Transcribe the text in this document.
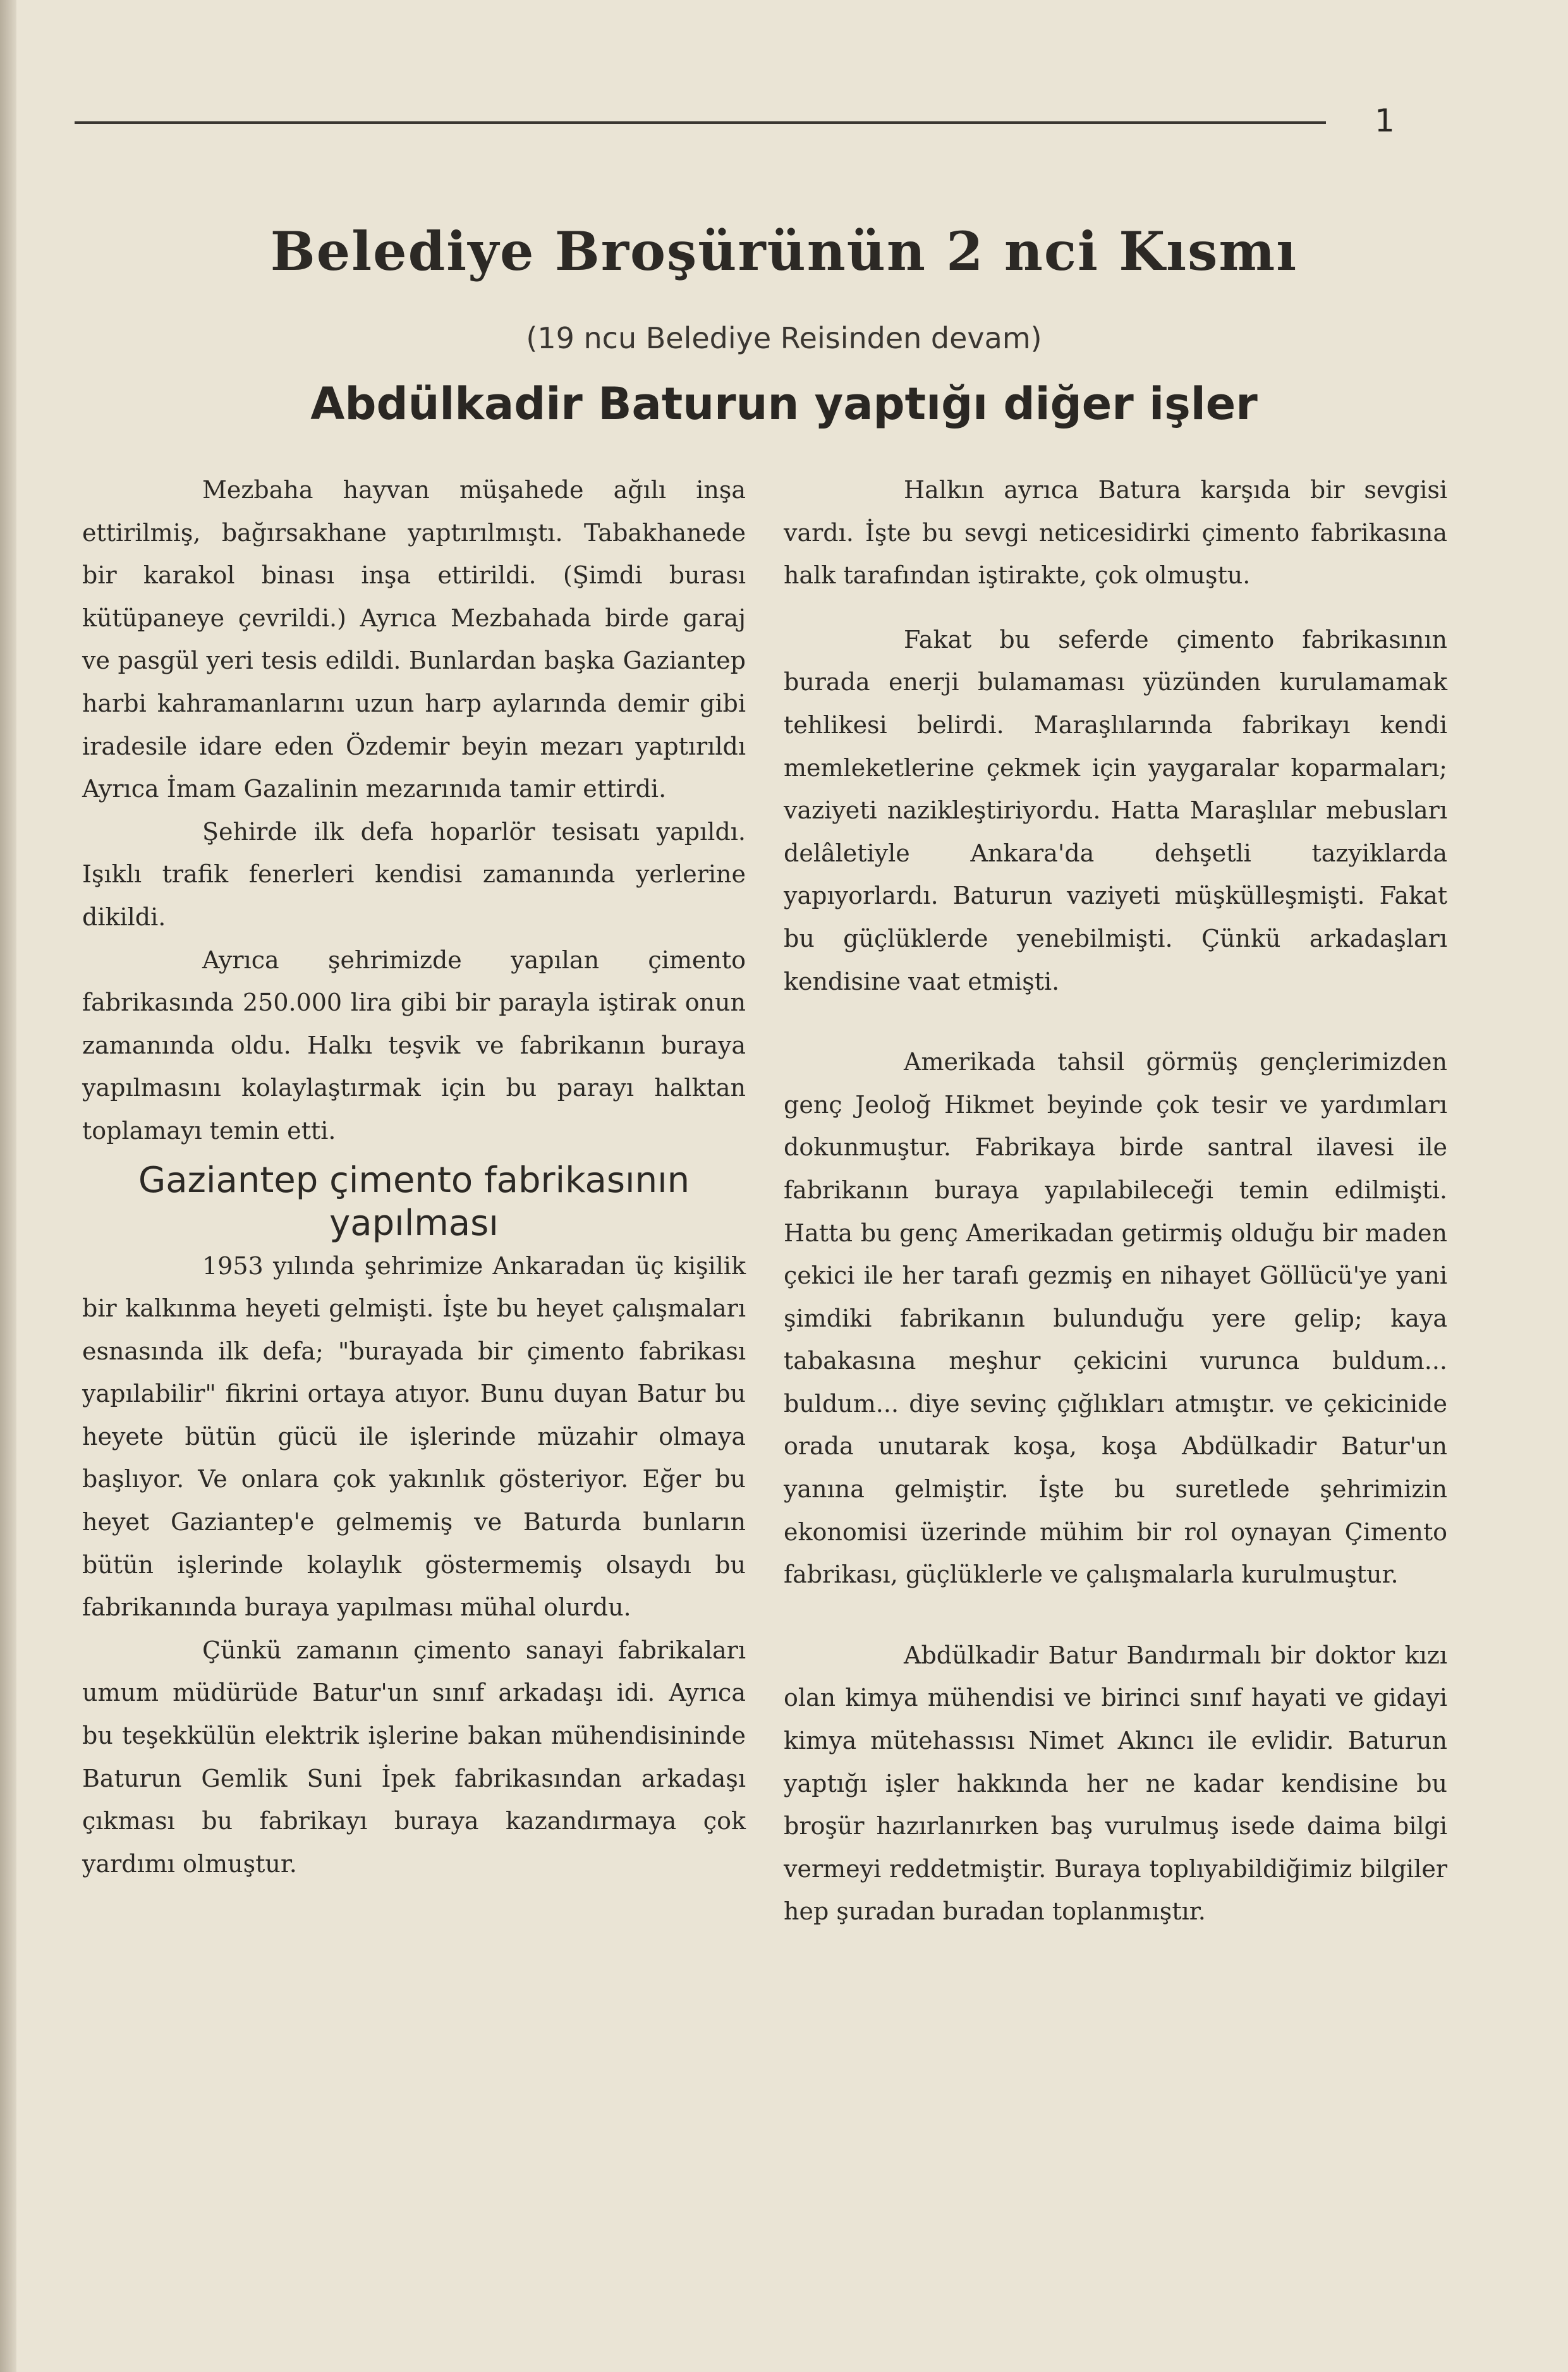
1
Belediye Broşürünün 2 nci Kısmı
(19 ncu Belediye Reisinden devam)
Abdülkadir Baturun yaptığı diğer işler

Mezbaha hayvan müşahede ağılı inşa ettirilmiş, bağırsakhane yaptırılmıştı. Tabakhanede bir karakol binası inşa ettirildi. (Şimdi burası kütüpaneye çevrildi.) Ayrıca Mezbahada birde garaj ve pasgül yeri tesis edildi. Bunlardan başka Gaziantep harbi kahramanlarını uzun harp aylarında demir gibi iradesile idare eden Özdemir beyin mezarı yaptırıldı Ayrıca İmam Gazalinin mezarınıda tamir ettirdi.

Şehirde ilk defa hoparlör tesisatı yapıldı. Işıklı trafik fenerleri kendisi zamanında yerlerine dikildi.

Ayrıca şehrimizde yapılan çimento fabrikasında 250.000 lira gibi bir parayla iştirak onun zamanında oldu. Halkı teşvik ve fabrikanın buraya yapılmasını kolaylaştırmak için bu parayı halktan toplamayı temin etti.

Gaziantep çimento fabrikasının yapılması

1953 yılında şehrimize Ankaradan üç kişilik bir kalkınma heyeti gelmişti. İşte bu heyet çalışmaları esnasında ilk defa; "burayada bir çimento fabrikası yapılabilir" fikrini ortaya atıyor. Bunu duyan Batur bu heyete bütün gücü ile işlerinde müzahir olmaya başlıyor. Ve onlara çok yakınlık gösteriyor. Eğer bu heyet Gaziantep'e gelmemiş ve Baturda bunların bütün işlerinde kolaylık göstermemiş olsaydı bu fabrikanında buraya yapılması mühal olurdu.

Çünkü zamanın çimento sanayi fabrikaları umum müdürüde Batur'un sınıf arkadaşı idi. Ayrıca bu teşekkülün elektrik işlerine bakan mühendisininde Baturun Gemlik Suni İpek fabrikasından arkadaşı çıkması bu fabrikayı buraya kazandırmaya çok yardımı olmuştur.

Halkın ayrıca Batura karşıda bir sevgisi vardı. İşte bu sevgi neticesidirki çimento fabrikasına halk tarafından iştirakte, çok olmuştu.

Fakat bu seferde çimento fabrikasının burada enerji bulamaması yüzünden kurulamamak tehlikesi belirdi. Maraşlılarında fabrikayı kendi memleketlerine çekmek için yaygaralar koparmaları; vaziyeti nazikleştiriyordu. Hatta Maraşlılar mebusları delâletiyle Ankara'da dehşetli tazyiklarda yapıyorlardı. Baturun vaziyeti müşkülleşmişti. Fakat bu güçlüklerde yenebilmişti. Çünkü arkadaşları kendisine vaat etmişti.

Amerikada tahsil görmüş gençlerimizden genç Jeoloğ Hikmet beyinde çok tesir ve yardımları dokunmuştur. Fabrikaya birde santral ilavesi ile fabrikanın buraya yapılabileceği temin edilmişti. Hatta bu genç Amerikadan getirmiş olduğu bir maden çekici ile her tarafı gezmiş en nihayet Göllücü'ye yani şimdiki fabrikanın bulunduğu yere gelip; kaya tabakasına meşhur çekicini vurunca buldum... buldum... diye sevinç çığlıkları atmıştır. ve çekicinide orada unutarak koşa, koşa Abdülkadir Batur'un yanına gelmiştir. İşte bu suretlede şehrimizin ekonomisi üzerinde mühim bir rol oynayan Çimento fabrikası, güçlüklerle ve çalışmalarla kurulmuştur.

Abdülkadir Batur Bandırmalı bir doktor kızı olan kimya mühendisi ve birinci sınıf hayati ve gidayi kimya mütehassısı Nimet Akıncı ile evlidir. Baturun yaptığı işler hakkında her ne kadar kendisine bu broşür hazırlanırken baş vurulmuş isede daima bilgi vermeyi reddetmiştir. Buraya toplıyabildiğimiz bilgiler hep şuradan buradan toplanmıştır.
